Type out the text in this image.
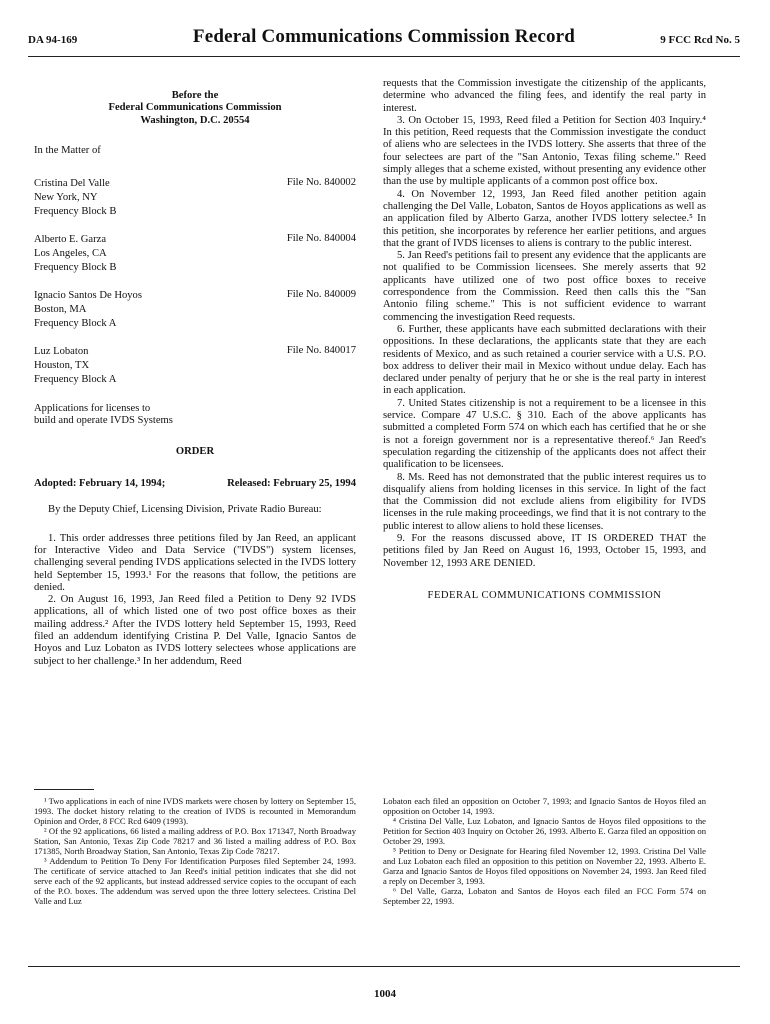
DA 94-169	Federal Communications Commission Record	9 FCC Rcd No. 5
Before the
Federal Communications Commission
Washington, D.C. 20554
In the Matter of
Cristina Del Valle
New York, NY
Frequency Block B
File No. 840002
Alberto E. Garza
Los Angeles, CA
Frequency Block B
File No. 840004
Ignacio Santos De Hoyos
Boston, MA
Frequency Block A
File No. 840009
Luz Lobaton
Houston, TX
Frequency Block A
File No. 840017
Applications for licenses to
build and operate IVDS Systems
ORDER
Adopted: February 14, 1994;	Released: February 25, 1994

By the Deputy Chief, Licensing Division, Private Radio Bureau:

1. This order addresses three petitions filed by Jan Reed, an applicant for Interactive Video and Data Service ("IVDS") system licenses, challenging several pending IVDS applications selected in the IVDS lottery held September 15, 1993.¹ For the reasons that follow, the petitions are denied.

2. On August 16, 1993, Jan Reed filed a Petition to Deny 92 IVDS applications, all of which listed one of two post office boxes as their mailing address.² After the IVDS lottery held September 15, 1993, Reed filed an addendum identifying Cristina P. Del Valle, Ignacio Santos de Hoyos and Luz Lobaton as IVDS lottery selectees whose applications are subject to her challenge.³ In her addendum, Reed

requests that the Commission investigate the citizenship of the applicants, determine who advanced the filing fees, and identify the real party in interest.

3. On October 15, 1993, Reed filed a Petition for Section 403 Inquiry.⁴ In this petition, Reed requests that the Commission investigate the conduct of aliens who are selectees in the IVDS lottery. She asserts that three of the four selectees are part of the "San Antonio, Texas filing scheme." Reed simply alleges that a scheme existed, without presenting any evidence other than the use by multiple applicants of a common post office box.

4. On November 12, 1993, Jan Reed filed another petition again challenging the Del Valle, Lobaton, Santos de Hoyos applications as well as an application filed by Alberto Garza, another IVDS lottery selectee.⁵ In this petition, she incorporates by reference her earlier petitions, and argues that the grant of IVDS licenses to aliens is contrary to the public interest.

5. Jan Reed's petitions fail to present any evidence that the applicants are not qualified to be Commission licensees. She merely asserts that 92 applicants have utilized one of two post office boxes to receive correspondence from the Commission. Reed then calls this the "San Antonio filing scheme." This is not sufficient evidence to warrant commencing the investigation Reed requests.

6. Further, these applicants have each submitted declarations with their oppositions. In these declarations, the applicants state that they are each residents of Mexico, and as such retained a courier service with a U.S. P.O. box address to deliver their mail in Mexico without undue delay. Each has declared under penalty of perjury that he or she is the real party in interest in each application.

7. United States citizenship is not a requirement to be a licensee in this service. Compare 47 U.S.C. § 310. Each of the above applicants has submitted a completed Form 574 on which each has certified that he or she is not a foreign government nor is a representative thereof.⁶ Jan Reed's speculation regarding the citizenship of the applicants does not affect their qualification to be licensees.

8. Ms. Reed has not demonstrated that the public interest requires us to disqualify aliens from holding licenses in this service. In light of the fact that the Commission did not exclude aliens from eligibility for IVDS licenses in the rule making proceedings, we find that it is not contrary to the public interest to allow aliens to hold these licenses.

9. For the reasons discussed above, IT IS ORDERED THAT the petitions filed by Jan Reed on August 16, 1993, October 15, 1993, and November 12, 1993 ARE DENIED.

FEDERAL COMMUNICATIONS COMMISSION

¹ Two applications in each of nine IVDS markets were chosen by lottery on September 15, 1993. The docket history relating to the creation of IVDS is recounted in Memorandum Opinion and Order, 8 FCC Rcd 6409 (1993).

² Of the 92 applications, 66 listed a mailing address of P.O. Box 171347, North Broadway Station, San Antonio, Texas Zip Code 78217 and 36 listed a mailing address of P.O. Box 171385, North Broadway Station, San Antonio, Texas Zip Code 78217.

³ Addendum to Petition To Deny For Identification Purposes filed September 24, 1993. The certificate of service attached to Jan Reed's initial petition indicates that she did not serve each of the 92 applicants, but instead addressed service copies to the occupant of each of the P.O. boxes. The addendum was served upon the three lottery selectees. Cristina Del Valle and Luz

Lobaton each filed an opposition on October 7, 1993; and Ignacio Santos de Hoyos filed an opposition on October 14, 1993.

⁴ Cristina Del Valle, Luz Lobaton, and Ignacio Santos de Hoyos filed oppositions to the Petition for Section 403 Inquiry on October 26, 1993. Alberto E. Garza filed an opposition on October 29, 1993.

⁵ Petition to Deny or Designate for Hearing filed November 12, 1993. Cristina Del Valle and Luz Lobaton each filed an opposition to this petition on November 22, 1993. Alberto E. Garza and Ignacio Santos de Hoyos filed oppositions on November 24, 1993. Jan Reed filed a reply on December 3, 1993.

⁶ Del Valle, Garza, Lobaton and Santos de Hoyos each filed an FCC Form 574 on September 22, 1993.

1004
